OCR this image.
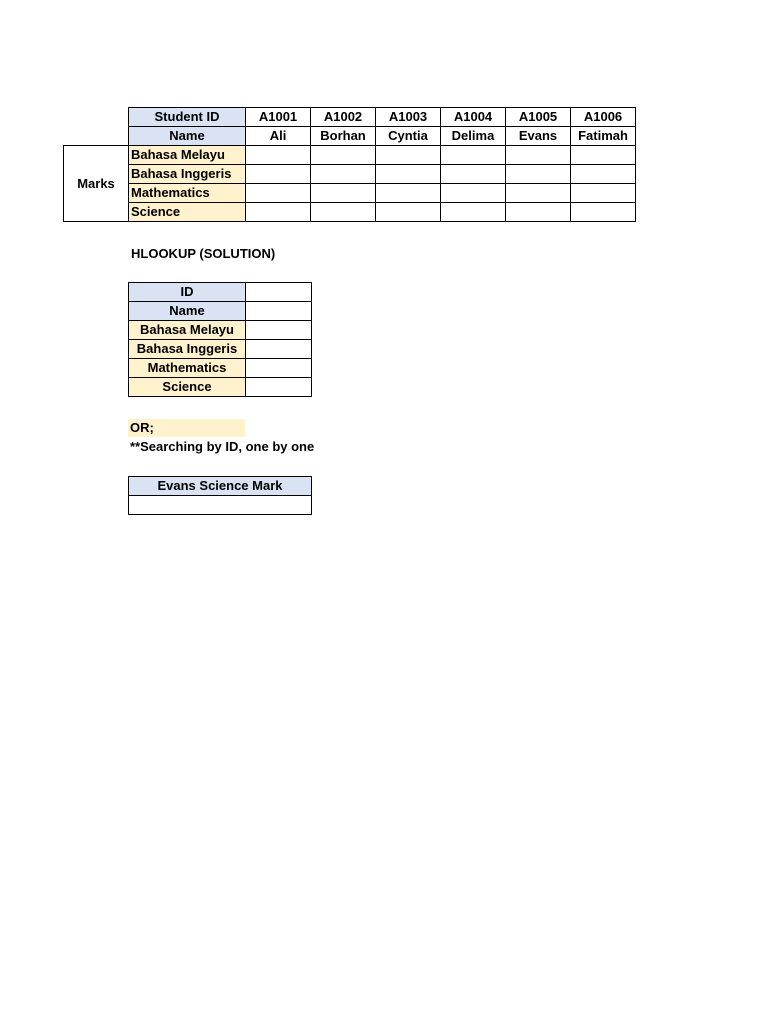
	Student ID	A1001	A1002	A1003	A1004	A1005	A1006
	Name	Ali	Borhan	Cyntia	Delima	Evans	Fatimah
Marks	Bahasa Melayu						
	Bahasa Inggeris						
	Mathematics						
	Science						
HLOOKUP (SOLUTION)
ID	
Name	
Bahasa Melayu	
Bahasa Inggeris	
Mathematics	
Science	
OR;
**Searching by ID, one by one
Evans Science Mark
